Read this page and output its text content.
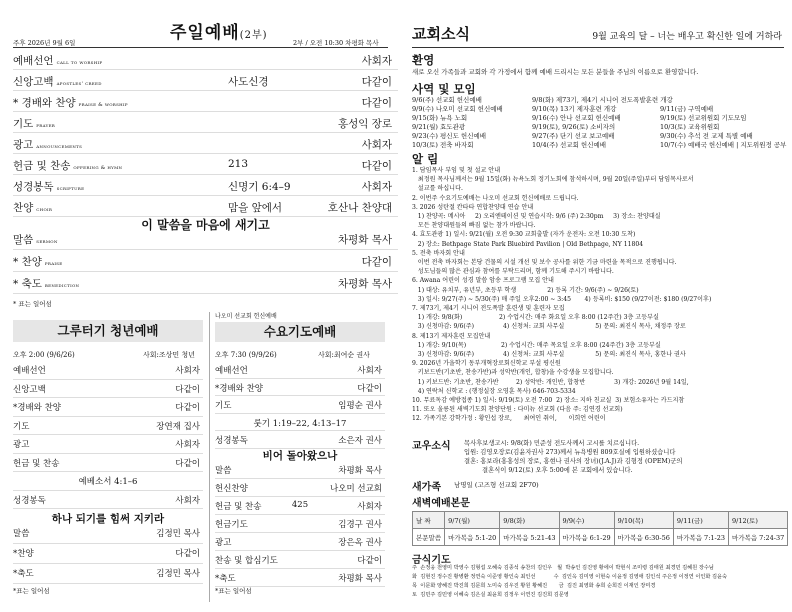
주일예배(2부)
주후 2026년 9월 6일	2부 / 오전 10:30 차평화 목사
예배선언 call to worship	사회자
신앙고백 apostles' creed	사도신경	다같이
* 경배와 찬양 praise & worship	다같이
기도 prayer	홍성익 장로
광고 announcements	사회자
헌금 및 찬송 offering & hymn	213	다같이
성경봉독 scripture	신명기 6:4–9	사회자
찬양 choir	맘을 앞에서	호산나 찬양대
이 말씀을 마음에 새기고
말씀 sermon	차평화 목사
* 찬양 praise	다같이
* 축도 benediction	차평화 목사
* 표는 일어섬
그루터기 청년예배
오후 2:00 (9/6/26)	사회:조상민 청년
예배선언	사회자
신앙고백	다같이
*경배와 찬양	다같이
기도	장연재 집사
광고	사회자
헌금 및 찬송	다같이
예베소서 4:1–6
성경봉독	사회자
하나 되기를 힘써 지키라
말씀	김정민 목사
*찬양	다같이
*축도	김정민 목사
*표는 일어섬
나오미 선교회 헌신예배
수요기도예배
오후 7:30 (9/9/26)	사회:최여순 권사
예배선언	사회자
*경배와 찬양	다같이
기도	임평순 권사
룻기 1:19–22, 4:13–17
성경봉독	소은자 권사
비어 돌아왔으나
말씀	차평화 목사
헌신찬양	나오미 선교회
헌금 및 찬송	425	사회자
헌금기도	김경구 권사
광고	장은옥 권사
찬송 및 합심기도	다같이
*축도	차평화 목사
*표는 일어섬
교회소식	9월 교육의 달 – 너는 배우고 확신한 일에 거하라
환영
새로 오신 가족들과 교회와 각 가정에서 함께 예배 드리시는 모든 분들을 주님의 이름으로 환영합니다.
사역 및 모임
9/6(주) 선교회 헌신예배	9/8(화) 제73기, 제4기 시니어 전도폭발훈련 개강
9/9(수) 나오미 선교회 헌신예배	9/10(목) 13기 제자훈련 개강	9/11(금) 구역예배
9/15(화) 뉴욕 노회	9/16(수) 안나 선교회 헌신예배	9/19(토) 선교위원회 기도모임
9/21(월) 효도관광	9/19(토), 9/26(토) 소비자의	10/3(토) 교육위원회
9/23(수) 평신도 헌신예배	9/27(주) 단기 선교 보고예배	9/30(수) 추석 전 교제 특별 예배
10/3(토) 전축 바자회	10/4(주) 선교회 헌신예배	10/7(수) 예배국 헌신예배 | 지도위원정 공부
알 림
1. 담임목사 부임 및 첫 설교 안내
최정원 목사님께서는 9월 15일(화) 뉴욕노회 정기노회에 참석하시며, 9월 20일(주일)부터 담임목사로서
설교를 하십니다.
2. 이번주 수요기도예배는 나오미 선교회 헌신예배로 드립니다.
3. 2026 성탄절 칸타타 연합찬양대 연습 안내
1) 찬양곡: 메시아     2) 오리엔테이션 및 연습시작: 9/6 (주) 2:30pm     3) 장소: 찬양대실
모든 찬양대원들의 빠짐 없는 참가 바랍니다.
4. 효도관광 1) 일시: 9/21(월) 오전 9:30 교회출발 (자가 운전자: 오전 10:30 도착)
2) 장소: Bethpage State Park Bluebird Pavilion | Old Bethpage, NY 11804
5. 전축 바자회 안내
이번 전축 바자회는 본당 건물의 시설 개선 및 보수 공사를 위한 기금 마련을 목적으로 진행됩니다.
성도님들의 많은 관심과 참여를 부탁드리며, 함께 기도해 주시기 바랍니다.
6. Awana 어린이 성경 말씀 암송 프로그램 모집 안내
1) 대상: 유치부, 유년부, 초등부 학생                2) 등록 기간: 9/6(주) ~ 9/26(토)
3) 일시: 9/27(주) ~ 5/30(주) 매 주일 오후2:00 ~ 3:45       4) 등록비: $150 (9/27이전: $180 (9/27이후)
7. 제73기, 제4기 시니어 전도폭발 훈련생 및 훈련자 모집
1) 개강: 9/8(화)                   2) 수업시간: 매주 화요일 오후 8:00 (12주간) 3층 고등부실
3) 신청마감: 9/6(주)               4) 신청처: 교회 사무실                5) 문의: 최진식 목사, 채정주 장로
8. 제13기 제자훈련 모집안내
1) 개강: 9/10(목)                  2) 수업시간: 매주 목요일 오후 8:00 (24주간) 3층 고등부실
3) 신청마감: 9/6(주)               4) 신청처: 교회 사무실                5) 문의: 최진식 목사, 홍한나 권사
9. 2026년 가을학기 동부개혁장로회신학교 부설 평신원
키보드반(기초반, 찬송가반)과 성악반(개인, 합창)을 수강생을 모집합니다.
1) 키보드반: 기초반, 찬송가반         2) 성악반: 개인반, 합창반               3) 개강: 2026년 9월 14일,
4) 연락처 신학교 : (행정실장 오영훈 목사) 646-703-5334
10. 무료독감 예방접종 1) 일시: 9/19(토) 오전 7:00  2) 장소: 지하 친교실  3) 보험소유자는 카드지참
11. 또오 울릉된 새벽기도회 찬양단원 : 다미뉴 선교회 (다음 주: 김연경 선교회)
12. 가족기본 강학가정 : 황인섭 장로,      최여인 취이,      이희언 어린이
교우소식 목사후보생고시: 9/8(화) 민준성 전도사께서 고시를 치르십니다.
입원: 김영오장로(김윤자권사 273)께서 뉴욕병원 809호실에 입원하셨습니다
결혼: 홍보라(홍홍성의 장로, 홍현나 권사의 장녀)(J.A.J)과 김형정 (OPEM)군의
결혼식이 9/12(토) 오후 5:00에 본 교회에서 있습니다.
새가족 남명일 (고즈형 선교회 2F70)
새벽예배본문
날 짜	9/7(월)	9/8(화)	9/9(수)	9/10(목)	9/11(금)	9/12(토)
본문말씀	마가복음 5:1-20	마가복음 5:21-43	마가복음 6:1-29	마가복음 6:30-56	마가복음 7:1-23	마가복음 7:24-37
금식기도
주  손정웅 전영미 박영수 김형섭 오혜숙 김종석 송찬의 김인우   월  박송인 김진영 황에이 박현식 조미령 김태원 최경민 김혜원 장수님
화  김현진 정수진 황병환 정연숙 이준영 황인숙 최인선           수  김인옥 김미영 이현숙 이윤정 김영애 김인석 주은정 이정연 이인화 김윤숙
목  이문화 양혜진 박진희 김문희 노미숙 김우진 황원 황혜진       금  김진 최영화 송희 순희진 이재인 장미경
토  김민주 김민영 이혜숙 김은실 최윤희 김정우 이연진 김진희 김문영
